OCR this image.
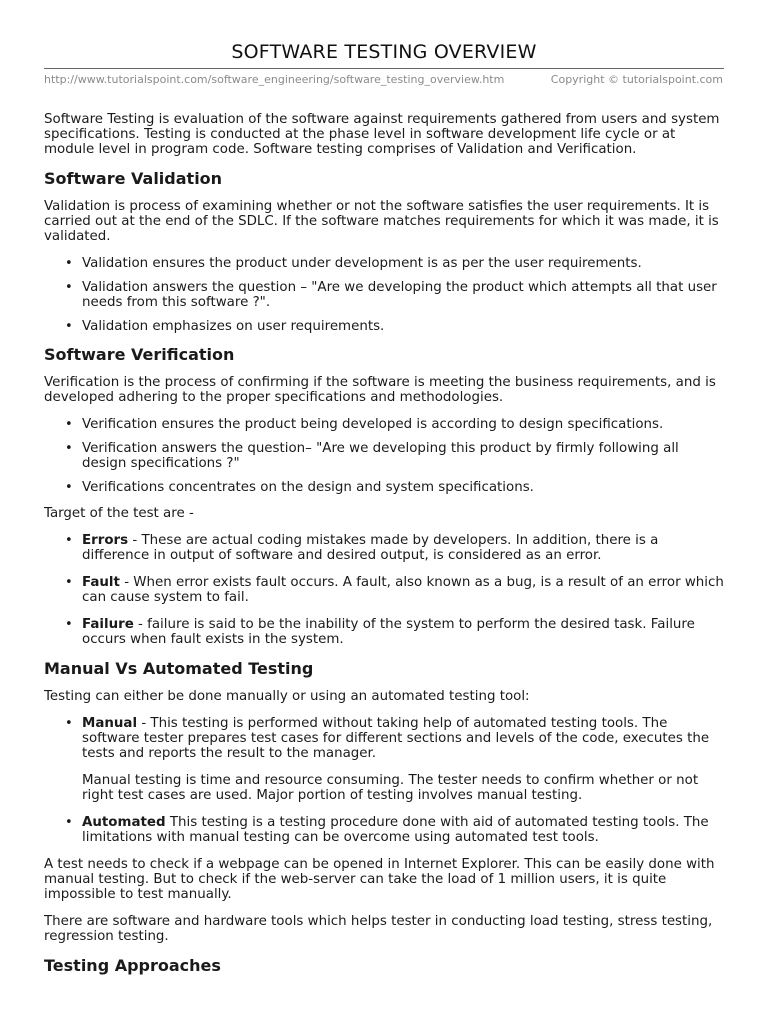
SOFTWARE TESTING OVERVIEW
http://www.tutorialspoint.com/software_engineering/software_testing_overview.htm	Copyright © tutorialspoint.com

Software Testing is evaluation of the software against requirements gathered from users and system specifications. Testing is conducted at the phase level in software development life cycle or at module level in program code. Software testing comprises of Validation and Verification.

Software Validation

Validation is process of examining whether or not the software satisfies the user requirements. It is carried out at the end of the SDLC. If the software matches requirements for which it was made, it is validated.

• Validation ensures the product under development is as per the user requirements.
• Validation answers the question – "Are we developing the product which attempts all that user needs from this software ?".
• Validation emphasizes on user requirements.
Software Verification

Verification is the process of confirming if the software is meeting the business requirements, and is developed adhering to the proper specifications and methodologies.

• Verification ensures the product being developed is according to design specifications.
• Verification answers the question– "Are we developing this product by firmly following all design specifications ?"
• Verifications concentrates on the design and system specifications.

Target of the test are -

• Errors - These are actual coding mistakes made by developers. In addition, there is a difference in output of software and desired output, is considered as an error.
• Fault - When error exists fault occurs. A fault, also known as a bug, is a result of an error which can cause system to fail.
• Failure - failure is said to be the inability of the system to perform the desired task. Failure occurs when fault exists in the system.
Manual Vs Automated Testing

Testing can either be done manually or using an automated testing tool:

• Manual - This testing is performed without taking help of automated testing tools. The software tester prepares test cases for different sections and levels of the code, executes the tests and reports the result to the manager.
Manual testing is time and resource consuming. The tester needs to confirm whether or not right test cases are used. Major portion of testing involves manual testing.
• Automated This testing is a testing procedure done with aid of automated testing tools. The limitations with manual testing can be overcome using automated test tools.

A test needs to check if a webpage can be opened in Internet Explorer. This can be easily done with manual testing. But to check if the web-server can take the load of 1 million users, it is quite impossible to test manually.

There are software and hardware tools which helps tester in conducting load testing, stress testing, regression testing.

Testing Approaches
